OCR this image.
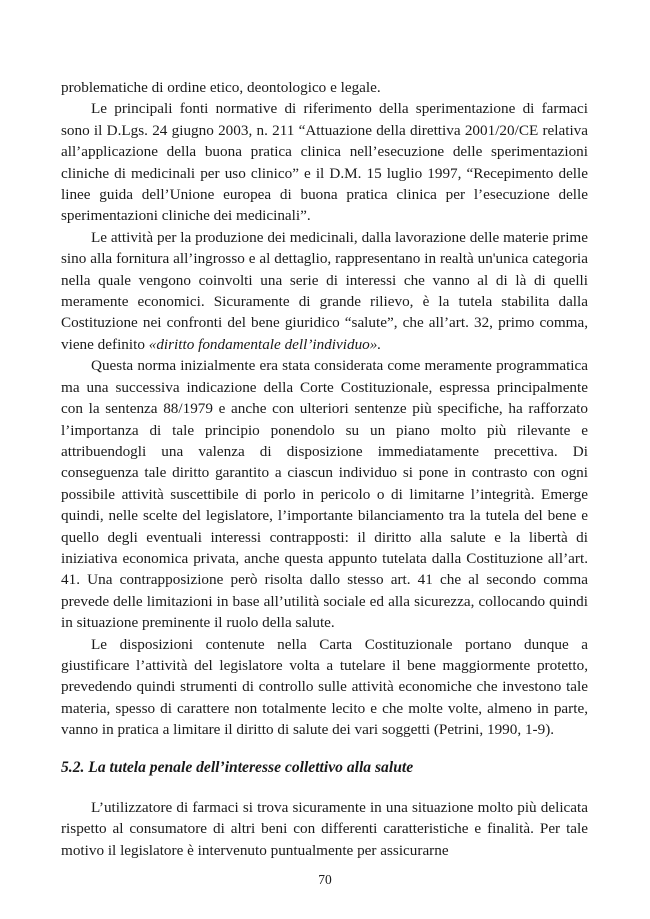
problematiche di ordine etico, deontologico e legale.

Le principali fonti normative di riferimento della sperimentazione di farmaci sono il D.Lgs. 24 giugno 2003, n. 211 “Attuazione della direttiva 2001/20/CE relativa all’applicazione della buona pratica clinica nell’esecuzione delle sperimentazioni cliniche di medicinali per uso clinico” e il D.M. 15 luglio 1997, “Recepimento delle linee guida dell’Unione europea di buona pratica clinica per l’esecuzione delle sperimentazioni cliniche dei medicinali”.

Le attività per la produzione dei medicinali, dalla lavorazione delle materie prime sino alla fornitura all’ingrosso e al dettaglio, rappresentano in realtà un'unica categoria nella quale vengono coinvolti una serie di interessi che vanno al di là di quelli meramente economici. Sicuramente di grande rilievo, è la tutela stabilita dalla Costituzione nei confronti del bene giuridico “salute”, che all’art. 32, primo comma, viene definito «diritto fondamentale dell’individuo».

Questa norma inizialmente era stata considerata come meramente programmatica ma una successiva indicazione della Corte Costituzionale, espressa principalmente con la sentenza 88/1979 e anche con ulteriori sentenze più specifiche, ha rafforzato l’importanza di tale principio ponendolo su un piano molto più rilevante e attribuendogli una valenza di disposizione immediatamente precettiva. Di conseguenza tale diritto garantito a ciascun individuo si pone in contrasto con ogni possibile attività suscettibile di porlo in pericolo o di limitarne l’integrità. Emerge quindi, nelle scelte del legislatore, l’importante bilanciamento tra la tutela del bene e quello degli eventuali interessi contrapposti: il diritto alla salute e la libertà di iniziativa economica privata, anche questa appunto tutelata dalla Costituzione all’art. 41. Una contrapposizione però risolta dallo stesso art. 41 che al secondo comma prevede delle limitazioni in base all’utilità sociale ed alla sicurezza, collocando quindi in situazione preminente il ruolo della salute.

Le disposizioni contenute nella Carta Costituzionale portano dunque a giustificare l’attività del legislatore volta a tutelare il bene maggiormente protetto, prevedendo quindi strumenti di controllo sulle attività economiche che investono tale materia, spesso di carattere non totalmente lecito e che molte volte, almeno in parte, vanno in pratica a limitare il diritto di salute dei vari soggetti (Petrini, 1990, 1-9).

5.2. La tutela penale dell’interesse collettivo alla salute

L’utilizzatore di farmaci si trova sicuramente in una situazione molto più delicata rispetto al consumatore di altri beni con differenti caratteristiche e finalità. Per tale motivo il legislatore è intervenuto puntualmente per assicurarne

70
